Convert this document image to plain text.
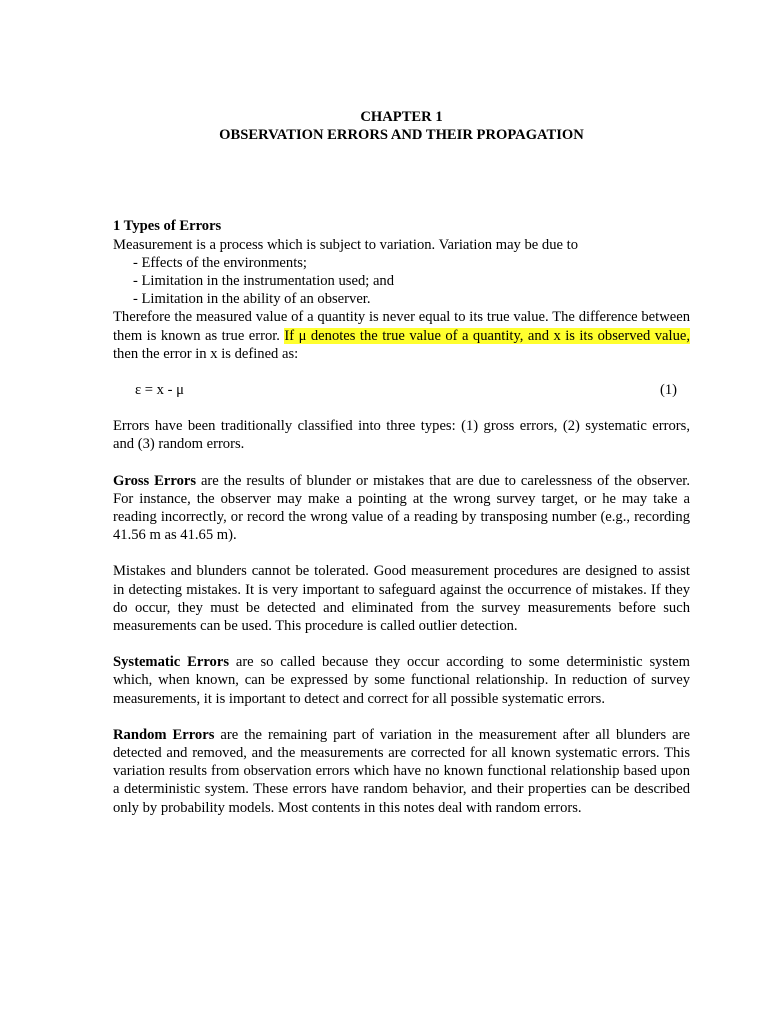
CHAPTER 1

OBSERVATION ERRORS AND THEIR PROPAGATION

1 Types of Errors

Measurement is a process which is subject to variation. Variation may be due to

- Effects of the environments;
- Limitation in the instrumentation used; and
- Limitation in the ability of an observer.

Therefore the measured value of a quantity is never equal to its true value. The difference between them is known as true error. If μ denotes the true value of a quantity, and x is its observed value, then the error in x is defined as:

ε = x - μ	(1)

Errors have been traditionally classified into three types: (1) gross errors, (2) systematic errors, and (3) random errors.

Gross Errors are the results of blunder or mistakes that are due to carelessness of the observer. For instance, the observer may make a pointing at the wrong survey target, or he may take a reading incorrectly, or record the wrong value of a reading by transposing number (e.g., recording 41.56 m as 41.65 m).

Mistakes and blunders cannot be tolerated. Good measurement procedures are designed to assist in detecting mistakes. It is very important to safeguard against the occurrence of mistakes. If they do occur, they must be detected and eliminated from the survey measurements before such measurements can be used. This procedure is called outlier detection.

Systematic Errors are so called because they occur according to some deterministic system which, when known, can be expressed by some functional relationship. In reduction of survey measurements, it is important to detect and correct for all possible systematic errors.

Random Errors are the remaining part of variation in the measurement after all blunders are detected and removed, and the measurements are corrected for all known systematic errors. This variation results from observation errors which have no known functional relationship based upon a deterministic system. These errors have random behavior, and their properties can be described only by probability models. Most contents in this notes deal with random errors.
